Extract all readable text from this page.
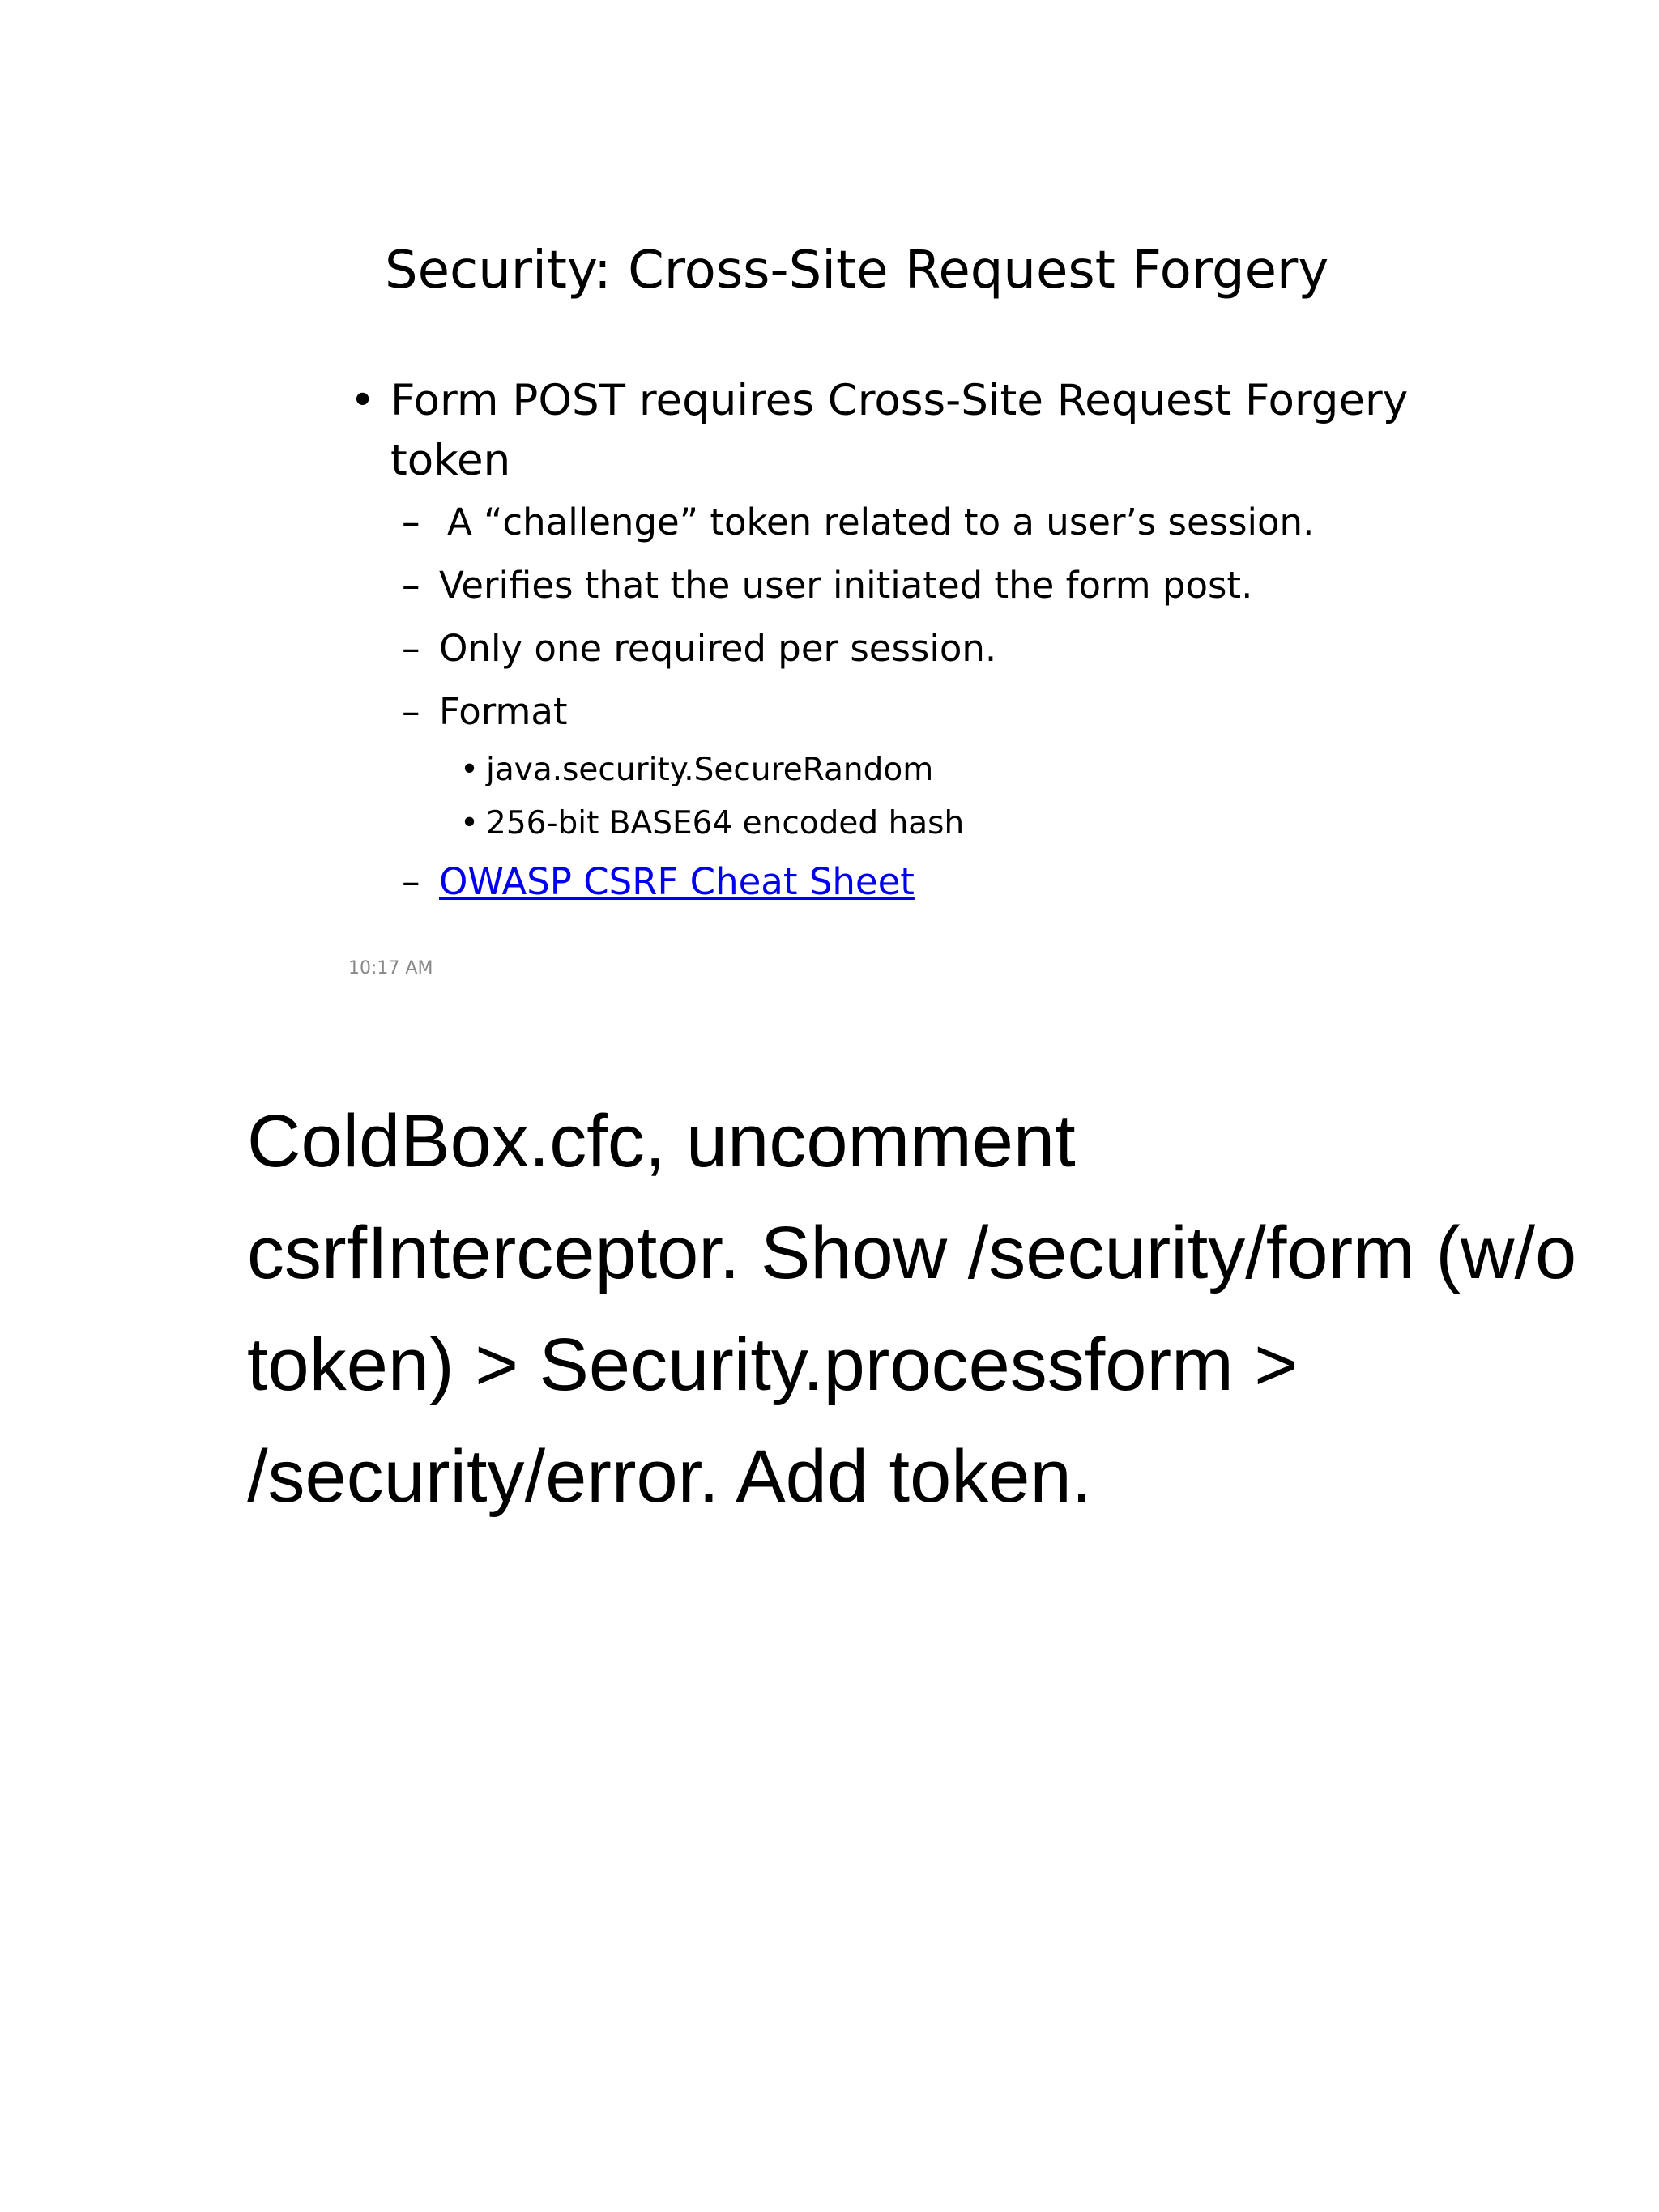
Security: Cross-Site Request Forgery
• Form POST requires Cross-Site Request Forgery token
– A “challenge” token related to a user’s session.
– Verifies that the user initiated the form post.
– Only one required per session.
– Format
• java.security.SecureRandom
• 256-bit BASE64 encoded hash
– OWASP CSRF Cheat Sheet
10:17 AM

ColdBox.cfc, uncomment csrfInterceptor. Show /security/form (w/o token) > Security.processform > /security/error. Add token.
